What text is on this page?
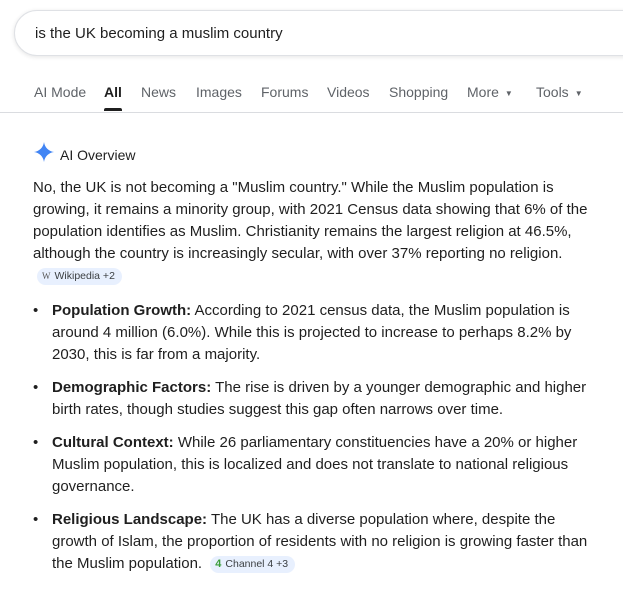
is the UK becoming a muslim country
AI Mode All News Images Forums Videos Shopping More ▼ Tools ▼
AI Overview
No, the UK is not becoming a "Muslim country." While the Muslim population is growing, it remains a minority group, with 2021 Census data showing that 6% of the population identifies as Muslim. Christianity remains the largest religion at 46.5%, although the country is increasingly secular, with over 37% reporting no religion.
W Wikipedia +2
• Population Growth: According to 2021 census data, the Muslim population is around 4 million (6.0%). While this is projected to increase to perhaps 8.2% by 2030, this is far from a majority.
• Demographic Factors: The rise is driven by a younger demographic and higher birth rates, though studies suggest this gap often narrows over time.
• Cultural Context: While 26 parliamentary constituencies have a 20% or higher Muslim population, this is localized and does not translate to national religious governance.
• Religious Landscape: The UK has a diverse population where, despite the growth of Islam, the proportion of residents with no religion is growing faster than the Muslim population. 4 Channel 4 +3
